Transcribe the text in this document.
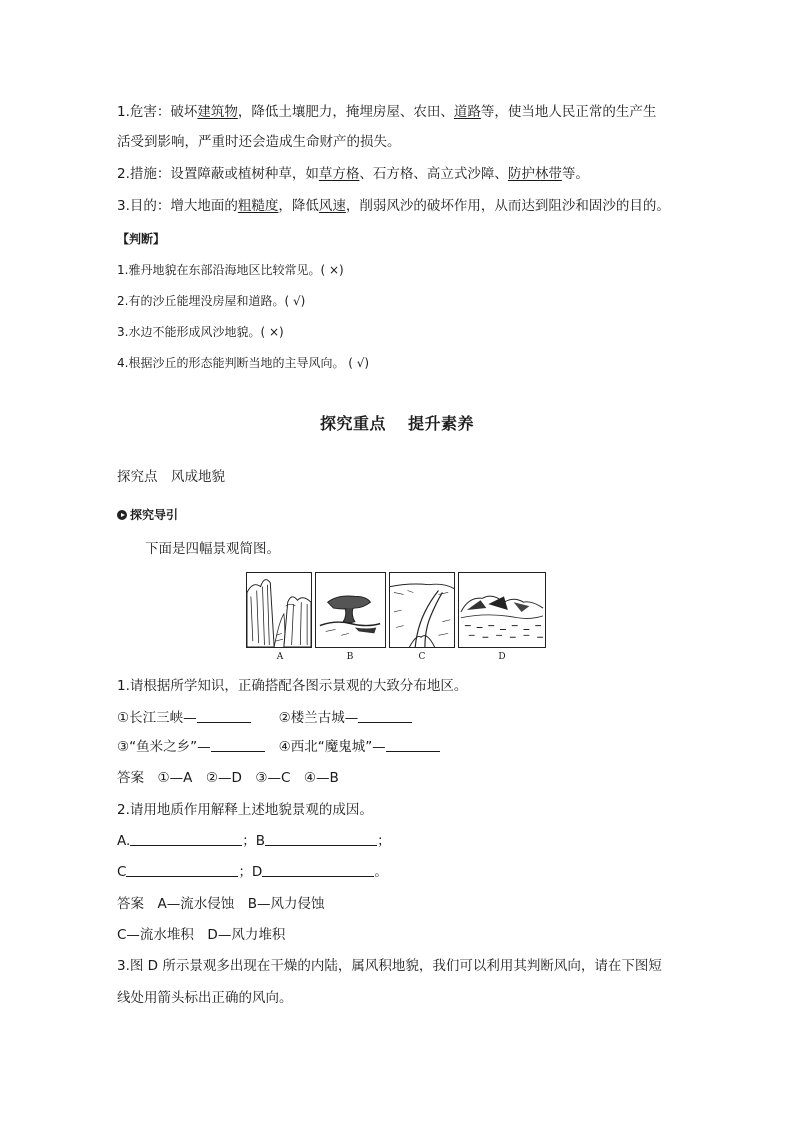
1.危害：破坏建筑物，降低土壤肥力，掩埋房屋、农田、道路等，使当地人民正常的生产生
活受到影响，严重时还会造成生命财产的损失。
2.措施：设置障蔽或植树种草，如草方格、石方格、高立式沙障、防护林带等。
3.目的：增大地面的粗糙度，降低风速，削弱风沙的破坏作用，从而达到阻沙和固沙的目的。
【判断】
1.雅丹地貌在东部沿海地区比较常见。( ×)
2.有的沙丘能埋没房屋和道路。( √)
3.水边不能形成风沙地貌。( ×)
4.根据沙丘的形态能判断当地的主导风向。 ( √)
探究重点 提升素养
探究点　风成地貌
探究导引
下面是四幅景观简图。
A	B	C	D
1.请根据所学知识，正确搭配各图示景观的大致分布地区。
①长江三峡—	②楼兰古城—
③“鱼米之乡”—	④西北“魔鬼城”—
答案　①—A　②—D　③—C　④—B
2.请用地质作用解释上述地貌景观的成因。
A.	；B	；
C	；D	。
答案　A—流水侵蚀　B—风力侵蚀
C—流水堆积　D—风力堆积
3.图 D 所示景观多出现在干燥的内陆，属风积地貌，我们可以利用其判断风向，请在下图短
线处用箭头标出正确的风向。
